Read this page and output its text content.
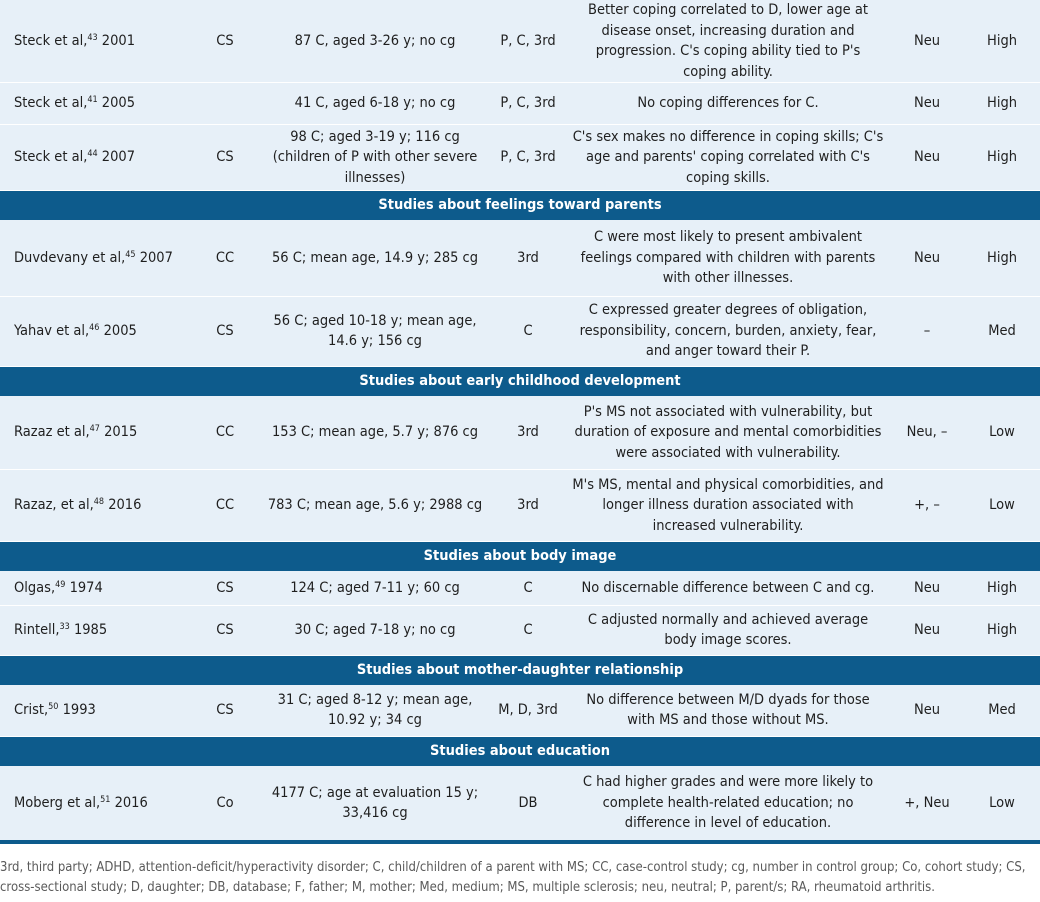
Steck et al,$^{43}$ 2001	CS	87 C, aged 3-26 y; no cg	P, C, 3rd	Better coping correlated to D, lower age at disease onset, increasing duration and progression. C's coping ability tied to P's coping ability.	Neu	High
Steck et al,$^{41}$ 2005		41 C, aged 6-18 y; no cg	P, C, 3rd	No coping differences for C.	Neu	High
Steck et al,$^{44}$ 2007	CS	98 C; aged 3-19 y; 116 cg (children of P with other severe illnesses)	P, C, 3rd	C's sex makes no difference in coping skills; C's age and parents' coping correlated with C's coping skills.	Neu	High
Studies about feelings toward parents						
Duvdevany et al,$^{45}$ 2007	CC	56 C; mean age, 14.9 y; 285 cg	3rd	C were most likely to present ambivalent feelings compared with children with parents with other illnesses.	Neu	High
Yahav et al,$^{46}$ 2005	CS	56 C; aged 10-18 y; mean age, 14.6 y; 156 cg	C	C expressed greater degrees of obligation, responsibility, concern, burden, anxiety, fear, and anger toward their P.	–	Med
Studies about early childhood development						
Razaz et al,$^{47}$ 2015	CC	153 C; mean age, 5.7 y; 876 cg	3rd	P's MS not associated with vulnerability, but duration of exposure and mental comorbidities were associated with vulnerability.	Neu, –	Low
Razaz, et al,$^{48}$ 2016	CC	783 C; mean age, 5.6 y; 2988 cg	3rd	M's MS, mental and physical comorbidities, and longer illness duration associated with increased vulnerability.	+, –	Low
Studies about body image						
Olgas,$^{49}$ 1974	CS	124 C; aged 7-11 y; 60 cg	C	No discernable difference between C and cg.	Neu	High
Rintell,$^{33}$ 1985	CS	30 C; aged 7-18 y; no cg	C	C adjusted normally and achieved average body image scores.	Neu	High
Studies about mother-daughter relationship						
Crist,$^{50}$ 1993	CS	31 C; aged 8-12 y; mean age, 10.92 y; 34 cg	M, D, 3rd	No difference between M/D dyads for those with MS and those without MS.	Neu	Med
Studies about education						
Moberg et al,$^{51}$ 2016	Co	4177 C; age at evaluation 15 y; 33,416 cg	DB	C had higher grades and were more likely to complete health-related education; no difference in level of education.	+, Neu	Low
3rd, third party; ADHD, attention-deficit/hyperactivity disorder; C, child/children of a parent with MS; CC, case-control study; cg, number in control group; Co, cohort study; CS, cross-sectional study; D, daughter; DB, database; F, father; M, mother; Med, medium; MS, multiple sclerosis; neu, neutral; P, parent/s; RA, rheumatoid arthritis.
